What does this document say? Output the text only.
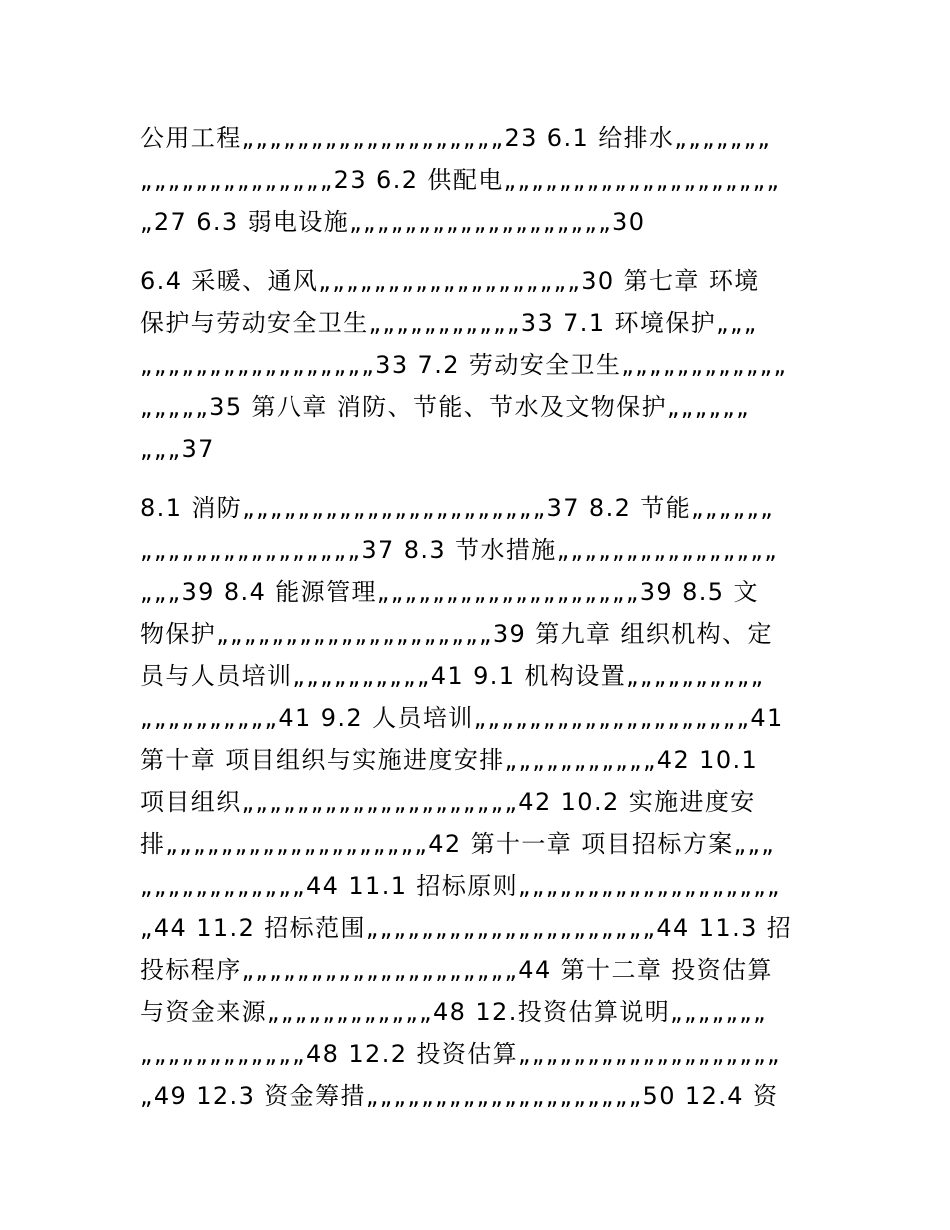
公用工程„„„„„„„„„„„„„„„„„„„23 6.1 给排水„„„„„„„
„„„„„„„„„„„„„„23 6.2 供配电„„„„„„„„„„„„„„„„„„„„
„27 6.3 弱电设施„„„„„„„„„„„„„„„„„„„30
6.4 采暖、通风„„„„„„„„„„„„„„„„„„„30 第七章 环境
保护与劳动安全卫生„„„„„„„„„„„33 7.1 环境保护„„„
„„„„„„„„„„„„„„„„„33 7.2 劳动安全卫生„„„„„„„„„„„„
„„„„„35 第八章 消防、节能、节水及文物保护„„„„„„
„„„37
8.1 消防„„„„„„„„„„„„„„„„„„„„„„37 8.2 节能„„„„„„
„„„„„„„„„„„„„„„„37 8.3 节水措施„„„„„„„„„„„„„„„„
„„„39 8.4 能源管理„„„„„„„„„„„„„„„„„„„39 8.5 文
物保护„„„„„„„„„„„„„„„„„„„„39 第九章 组织机构、定
员与人员培训„„„„„„„„„„41 9.1 机构设置„„„„„„„„„„
„„„„„„„„„„41 9.2 人员培训„„„„„„„„„„„„„„„„„„„„41
第十章 项目组织与实施进度安排„„„„„„„„„„„42 10.1
项目组织„„„„„„„„„„„„„„„„„„„„42 10.2 实施进度安
排„„„„„„„„„„„„„„„„„„„42 第十一章 项目招标方案„„„
„„„„„„„„„„„„44 11.1 招标原则„„„„„„„„„„„„„„„„„„„
„44 11.2 招标范围„„„„„„„„„„„„„„„„„„„„„44 11.3 招
投标程序„„„„„„„„„„„„„„„„„„„„44 第十二章 投资估算
与资金来源„„„„„„„„„„„„48 12.投资估算说明„„„„„„„
„„„„„„„„„„„„48 12.2 投资估算„„„„„„„„„„„„„„„„„„„
„49 12.3 资金筹措„„„„„„„„„„„„„„„„„„„„50 12.4 资
